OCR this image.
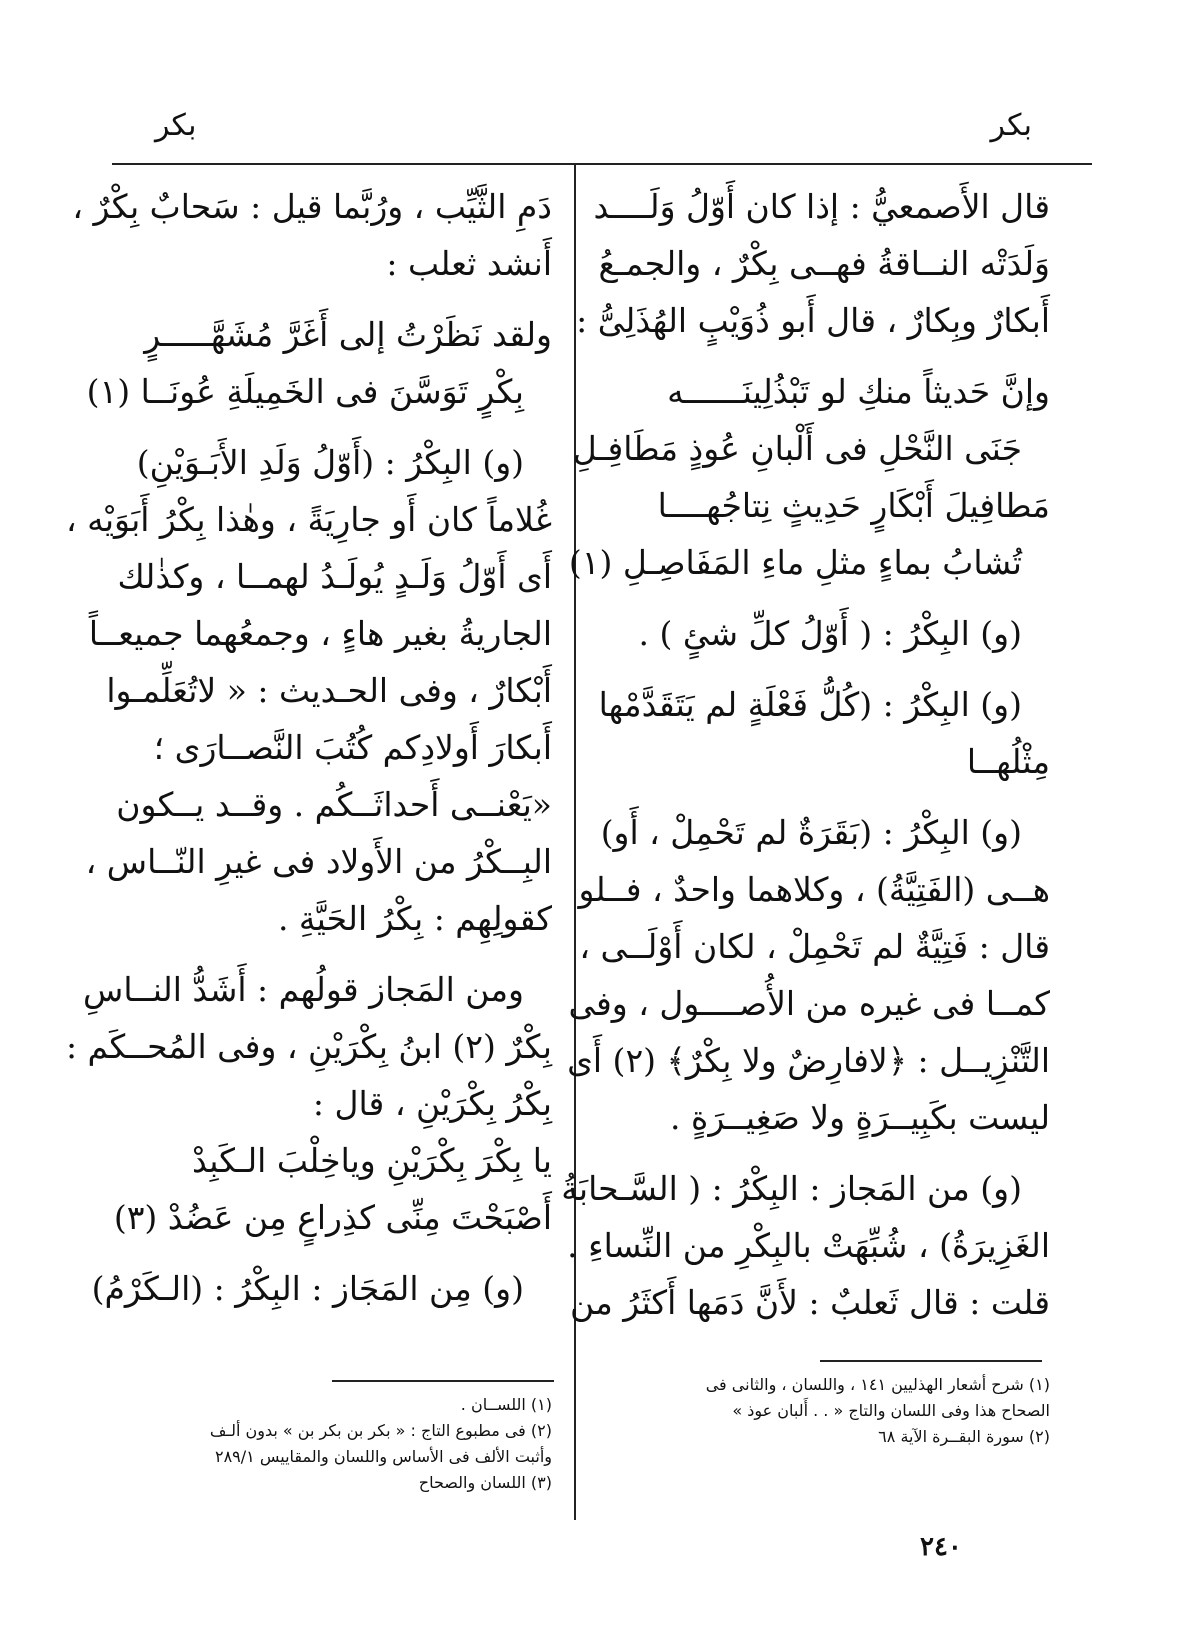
بكر
بكر
قال الأَصمعيُّ : إذا كان أَوّلُ وَلَــــد
وَلَدَتْه النــاقةُ فهــى بِكْرٌ ، والجمـعُ
أَبكارٌ وبِكارٌ ، قال أَبو ذُوَيْبٍ الهُذَلِىُّ :
وإنَّ حَديثاً منكِ لو تَبْذُلِينَــــــه
جَنَى النَّحْلِ فى أَلْبانِ عُوذٍ مَطَافِـلِ
مَطافِيلَ أَبْكَارٍ حَدِيثٍ نِتاجُهــــا
تُشابُ بماءٍ مثلِ ماءِ المَفَاصِـلِ (١)
(و) البِكْرُ : ( أَوّلُ كلِّ شئٍ ) .
(و) البِكْرُ : (كُلُّ فَعْلَةٍ لم يَتَقَدَّمْها
مِثْلُهــا
(و) البِكْرُ : (بَقَرَةٌ لم تَحْمِلْ ، أَو)
هــى (الفَتِيَّةُ) ، وكلاهما واحدٌ ، فــلو
قال : فَتِيَّةٌ لم تَحْمِلْ ، لكان أَوْلَــى ،
كمــا فى غيره من الأُصــــول ، وفى
التَّنْزِيــل : ﴿لافارِضٌ ولا بِكْرٌ﴾ (٢) أَى
ليست بكَبِيــرَةٍ ولا صَغِيــرَةٍ .
(و) من المَجاز : البِكْرُ : ( السَّـحابَةُ
الغَزِيرَةُ) ، شُبِّهَتْ بالبِكْرِ من النِّساءِ .
قلت : قال ثَعلبٌ : لأَنَّ دَمَها أَكثَرُ من
دَمِ الثَّيِّب ، ورُبَّما قيل : سَحابٌ بِكْرٌ ،
أَنشد ثعلب :
ولقد نَظَرْتُ إلى أَغَرَّ مُشَهَّـــــرٍ
بِكْرٍ تَوَسَّنَ فى الخَمِيلَةِ عُونَــا (١)
(و) البِكْرُ : (أَوّلُ وَلَدِ الأَبَـوَيْنِ)
غُلاماً كان أَو جارِيَةً ، وهٰذا بِكْرُ أَبَوَيْه ،
أَى أَوّلُ وَلَـدٍ يُولَـدُ لهمــا ، وكذٰلك
الجاريةُ بغير هاءٍ ، وجمعُهما جميعــاً
أَبْكارٌ ، وفى الحـديث : « لاتُعَلِّمـوا
أَبكارَ أَولادِكم كُتُبَ النَّصــارَى ؛
«يَعْنــى أَحداثَــكُم . وقــد يــكون
البِــكْرُ من الأَولاد فى غيرِ النّــاس ،
كقولِهِم : بِكْرُ الحَيَّةِ .
ومن المَجاز قولُهم : أَشَدُّ النــاسِ
بِكْرٌ (٢) ابنُ بِكْرَيْنِ ، وفى المُحــكَم :
بِكْرُ بِكْرَيْنِ ، قال :
يا بِكْرَ بِكْرَيْنِ وياخِلْبَ الـكَبِدْ
أَصْبَحْتَ مِنِّى كذِراعٍ مِن عَضُدْ (٣)
(و) مِن المَجَاز : البِكْرُ : (الـكَرْمُ)
(١) شرح أشعار الهذليين ١٤١ ، واللسان ، والثانى فى
الصحاح هذا وفى اللسان والتاج « . . أَلبان عوذ »
(٢) سورة البقــرة الآية ٦٨
(١) اللســان .
(٢) فى مطبوع التاج : « بكر بن بكر بن » بدون ألـف
وأثبت الألف فى الأساس واللسان والمقاييس ٢٨٩/١
(٣) اللسان والصحاح
٢٤٠
